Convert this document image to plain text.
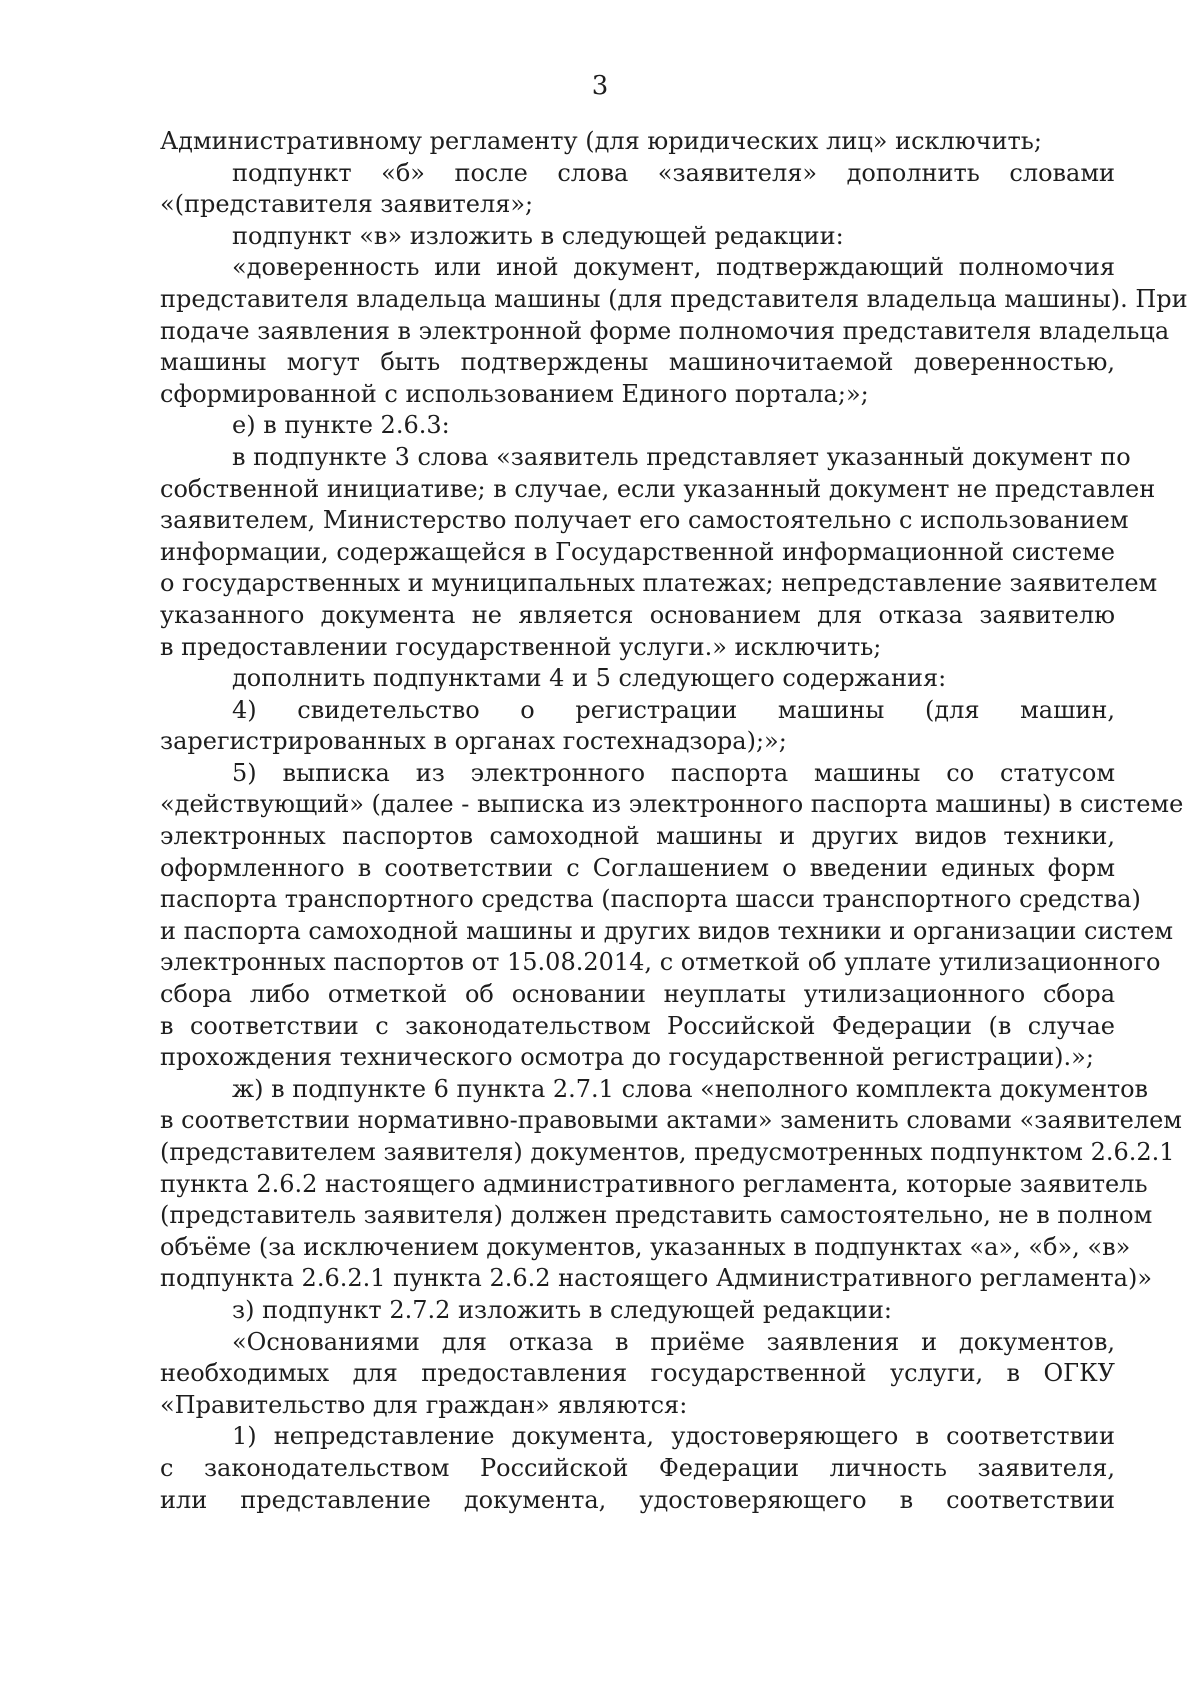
3
Административному регламенту (для юридических лиц» исключить;
подпункт «б» после слова «заявителя» дополнить словами
«(представителя заявителя»;
подпункт «в» изложить в следующей редакции:
«доверенность или иной документ, подтверждающий полномочия
представителя владельца машины (для представителя владельца машины). При
подаче заявления в электронной форме полномочия представителя владельца
машины могут быть подтверждены машиночитаемой доверенностью,
сформированной с использованием Единого портала;»;
е) в пункте 2.6.3:
в подпункте 3 слова «заявитель представляет указанный документ по
собственной инициативе; в случае, если указанный документ не представлен
заявителем, Министерство получает его самостоятельно с использованием
информации, содержащейся в Государственной информационной системе
о государственных и муниципальных платежах; непредставление заявителем
указанного документа не является основанием для отказа заявителю
в предоставлении государственной услуги.» исключить;
дополнить подпунктами 4 и 5 следующего содержания:
4) свидетельство о регистрации машины (для машин,
зарегистрированных в органах гостехнадзора);»;
5) выписка из электронного паспорта машины со статусом
«действующий» (далее - выписка из электронного паспорта машины) в системе
электронных паспортов самоходной машины и других видов техники,
оформленного в соответствии с Соглашением о введении единых форм
паспорта транспортного средства (паспорта шасси транспортного средства)
и паспорта самоходной машины и других видов техники и организации систем
электронных паспортов от 15.08.2014, с отметкой об уплате утилизационного
сбора либо отметкой об основании неуплаты утилизационного сбора
в соответствии с законодательством Российской Федерации (в случае
прохождения технического осмотра до государственной регистрации).»;
ж) в подпункте 6 пункта 2.7.1 слова «неполного комплекта документов
в соответствии нормативно-правовыми актами» заменить словами «заявителем
(представителем заявителя) документов, предусмотренных подпунктом 2.6.2.1
пункта 2.6.2 настоящего административного регламента, которые заявитель
(представитель заявителя) должен представить самостоятельно, не в полном
объёме (за исключением документов, указанных в подпунктах «а», «б», «в»
подпункта 2.6.2.1 пункта 2.6.2 настоящего Административного регламента)»
з) подпункт 2.7.2 изложить в следующей редакции:
«Основаниями для отказа в приёме заявления и документов,
необходимых для предоставления государственной услуги, в ОГКУ
«Правительство для граждан» являются:
1) непредставление документа, удостоверяющего в соответствии
с законодательством Российской Федерации личность заявителя,
или представление документа, удостоверяющего в соответствии
